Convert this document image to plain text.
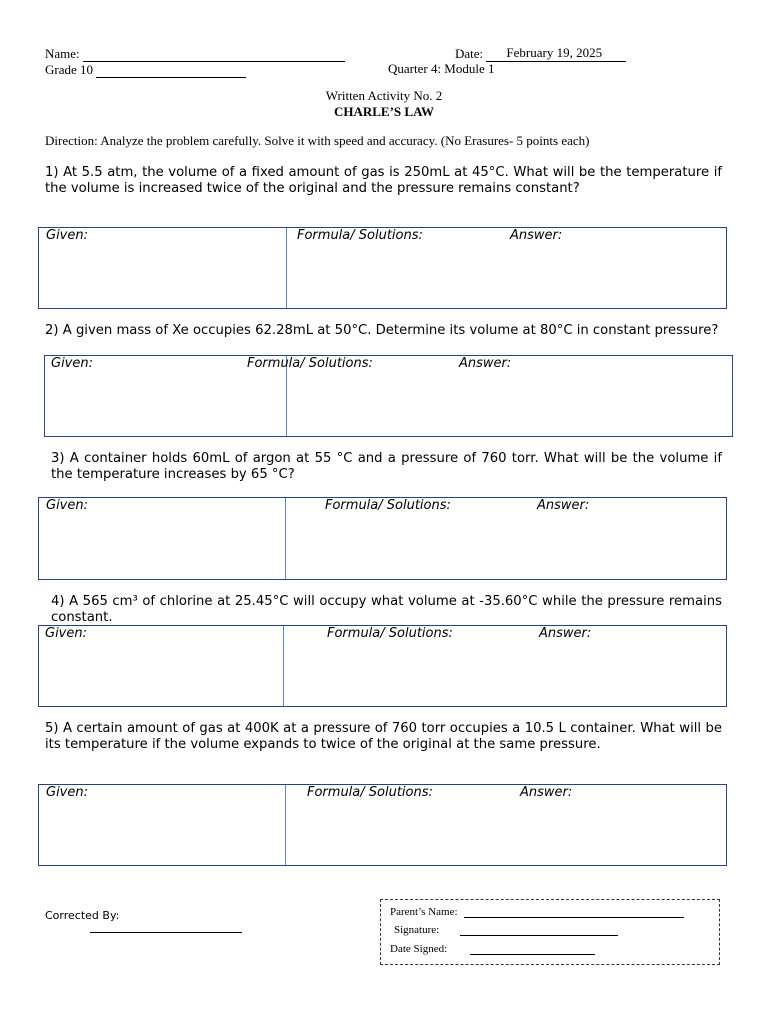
Name:	Date: February 19, 2025
Grade 10	Quarter 4: Module 1
Written Activity No. 2
CHARLE’S LAW
Direction: Analyze the problem carefully. Solve it with speed and accuracy. (No Erasures- 5 points each)
1) At 5.5 atm, the volume of a fixed amount of gas is 250mL at 45°C. What will be the temperature if the volume is increased twice of the original and the pressure remains constant?
Given:	Formula/ Solutions:	Answer:
2) A given mass of Xe occupies 62.28mL at 50°C. Determine its volume at 80°C in constant pressure?
Given:	Formula/ Solutions:	Answer:
3) A container holds 60mL of argon at 55 °C and a pressure of 760 torr. What will be the volume if the temperature increases by 65 °C?
Given:	Formula/ Solutions:	Answer:
4) A 565 cm³ of chlorine at 25.45°C will occupy what volume at -35.60°C while the pressure remains constant.
Given:	Formula/ Solutions:	Answer:
5) A certain amount of gas at 400K at a pressure of 760 torr occupies a 10.5 L container. What will be its temperature if the volume expands to twice of the original at the same pressure.
Given:	Formula/ Solutions:	Answer:
Corrected By:	Parent’s Name:
Signature:
Date Signed:
